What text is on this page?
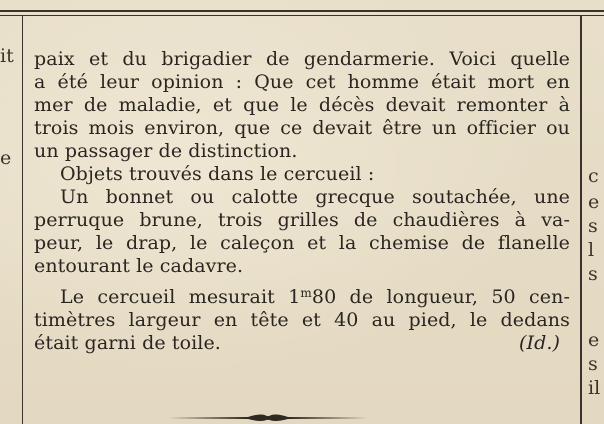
it
e
c
e
s
l
s
e
s
il
paix et du brigadier de gendarmerie. Voici quelle
a été leur opinion : Que cet homme était mort en
mer de maladie, et que le décès devait remonter à
trois mois environ, que ce devait être un officier ou
un passager de distinction.
Objets trouvés dans le cercueil :
Un bonnet ou calotte grecque soutachée, une
perruque brune, trois grilles de chaudières à va-
peur, le drap, le caleçon et la chemise de flanelle
entourant le cadavre.
Le cercueil mesurait 1$^m$80 de longueur, 50 cen-
timètres largeur en tête et 40 au pied, le dedans
était garni de toile.	(Id.)
